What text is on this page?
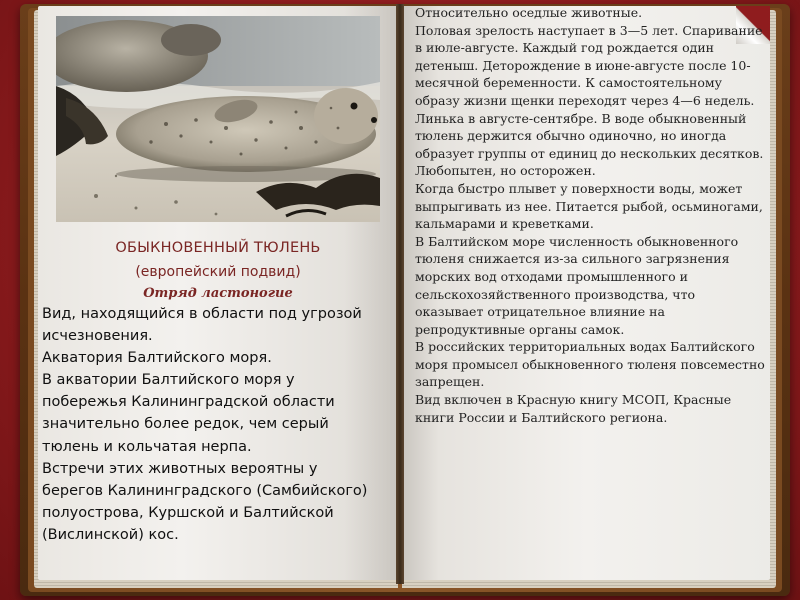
ОБЫКНОВЕННЫЙ ТЮЛЕНЬ
(европейский подвид)
Отряд ластоногие

Вид, находящийся в области под угрозой исчезновения.

Акватория Балтийского моря.

В акватории Балтийского моря у побережья Калининградской области значительно более редок, чем серый тюлень и кольчатая нерпа.

Встречи этих животных вероятны у берегов Калининградского (Самбийского) полуострова, Куршской и Балтийской (Вислинской) кос.

Относительно оседлые животные.

Половая зрелость наступает в 3—5 лет. Спаривание в июле-августе. Каждый год рождается один детеныш. Деторождение в июне-августе после 10-месячной беременности. К самостоятельному образу жизни щенки переходят через 4—6 недель. Линька в августе-сентябре. В воде обыкновенный тюлень держится обычно одиночно, но иногда образует группы от единиц до нескольких десятков. Любопытен, но осторожен.

Когда быстро плывет у поверхности воды, может выпрыгивать из нее. Питается рыбой, осьминогами, кальмарами и креветками.

В Балтийском море численность обыкновенного тюленя снижается из-за сильного загрязнения морских вод отходами промышленного и сельскохозяйственного производства, что оказывает отрицательное влияние на репродуктивные органы самок.

В российских территориальных водах Балтийского моря промысел обыкновенного тюленя повсеместно запрещен.

Вид включен в Красную книгу МСОП, Красные книги России и Балтийского региона.
